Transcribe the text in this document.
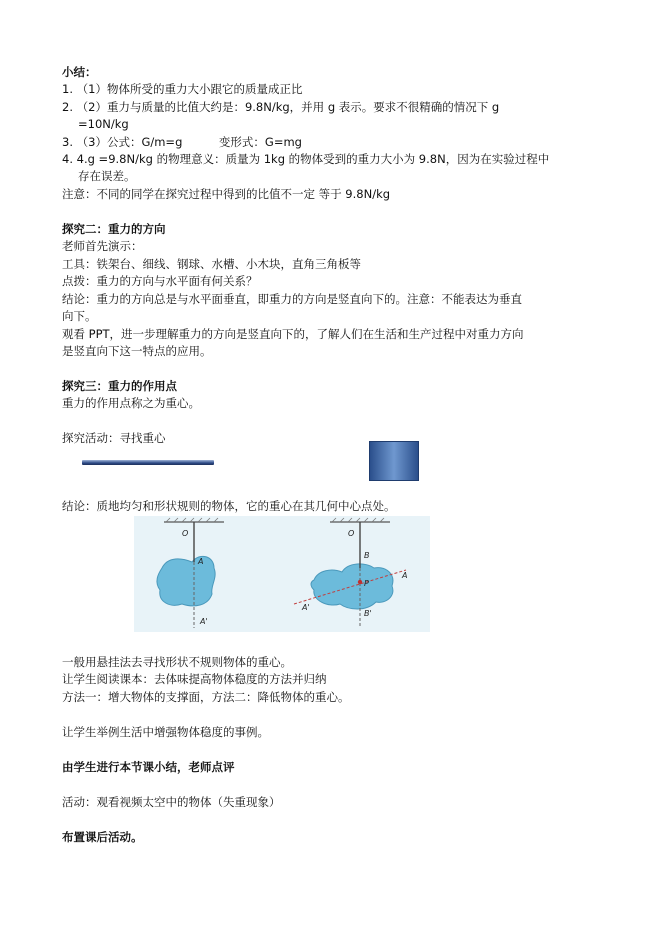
小结：
1. （1）物体所受的重力大小跟它的质量成正比
2. （2）重力与质量的比值大约是：9.8N/kg，并用 g 表示。要求不很精确的情况下 g
=10N/kg
3. （3）公式：G/m=g          变形式：G=mg
4. 4.g =9.8N/kg 的物理意义：质量为 1kg 的物体受到的重力大小为 9.8N，因为在实验过程中
存在误差。
注意：不同的同学在探究过程中得到的比值不一定 等于 9.8N/kg
探究二：重力的方向
老师首先演示：
工具：铁架台、细线、钢球、水槽、小木块，直角三角板等
点拨：重力的方向与水平面有何关系？
结论：重力的方向总是与水平面垂直，即重力的方向是竖直向下的。注意：不能表达为垂直
向下。
观看 PPT，进一步理解重力的方向是竖直向下的，了解人们在生活和生产过程中对重力方向
是竖直向下这一特点的应用。
探究三：重力的作用点
重力的作用点称之为重心。
探究活动：寻找重心
结论：质地均匀和形状规则的物体，它的重心在其几何中心点处。
O
A
A'
O
B
P
A
B'
A'
一般用悬挂法去寻找形状不规则物体的重心。
让学生阅读课本：去体味提高物体稳度的方法并归纳
方法一：增大物体的支撑面，方法二：降低物体的重心。
让学生举例生活中增强物体稳度的事例。
由学生进行本节课小结，老师点评
活动：观看视频太空中的物体（失重现象）
布置课后活动。
